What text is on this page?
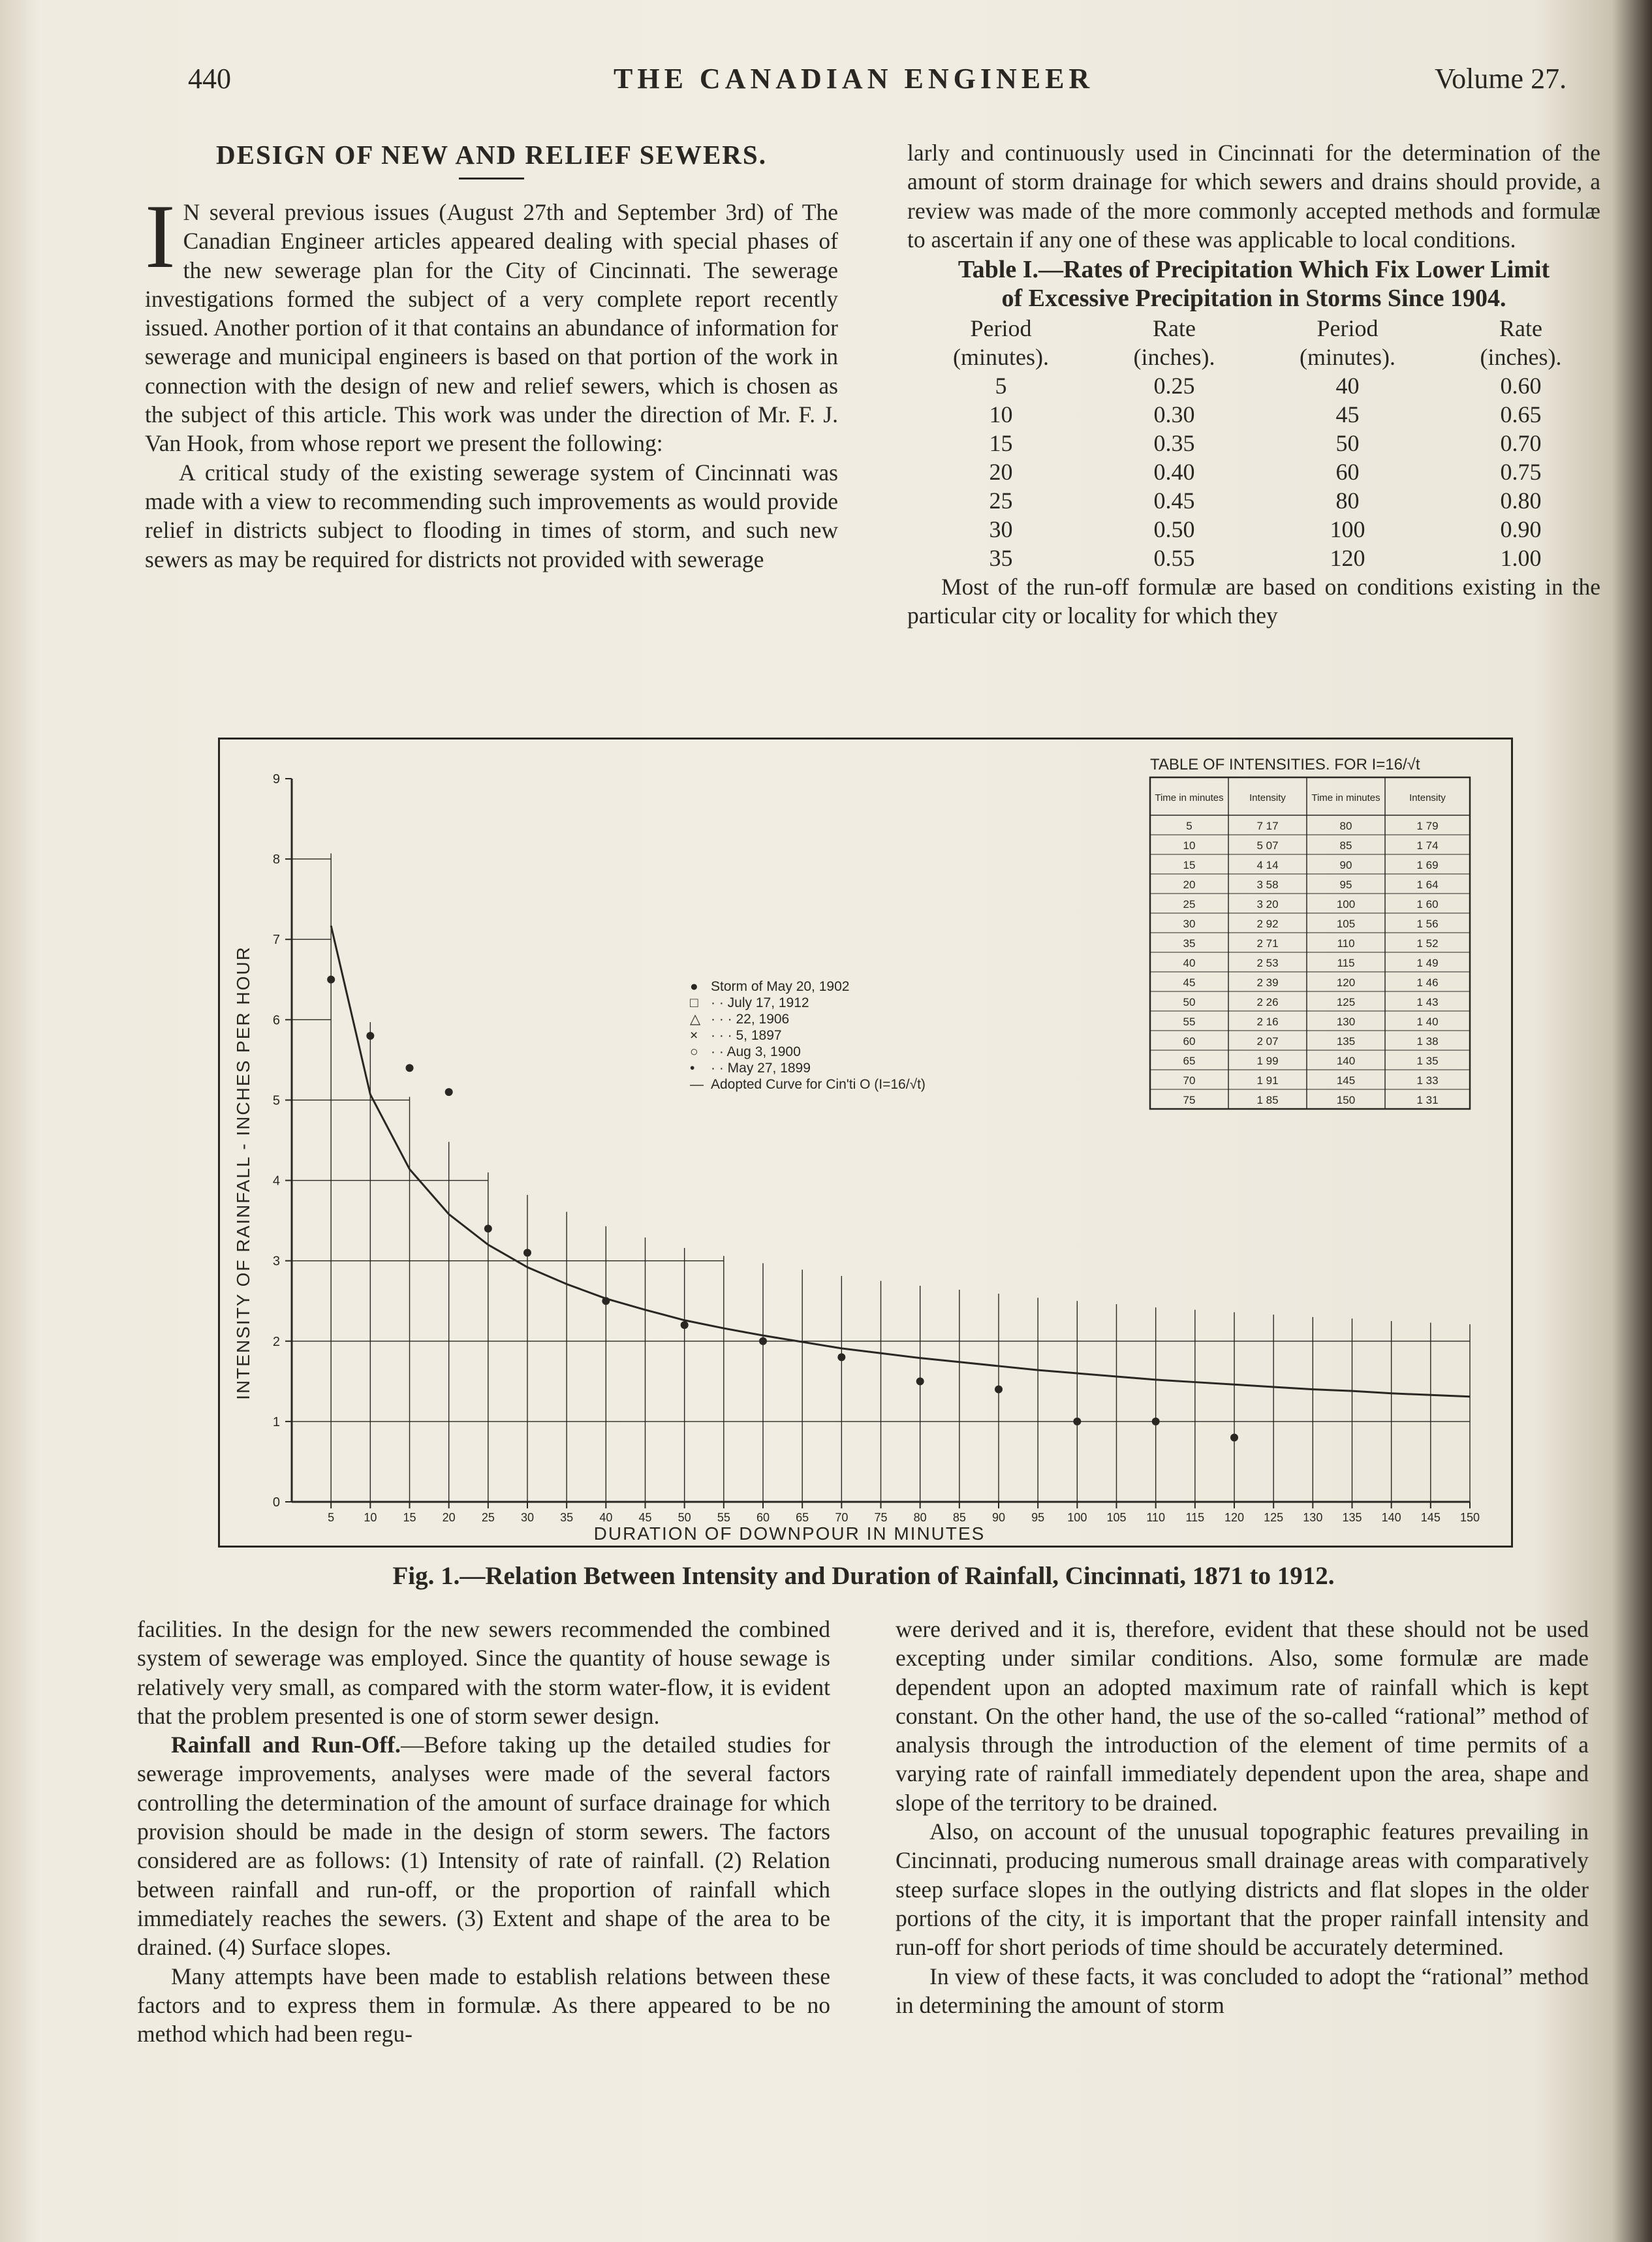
440	THE CANADIAN ENGINEER	Volume 27.
DESIGN OF NEW AND RELIEF SEWERS.

I N several previous issues (August 27th and September 3rd) of The Canadian Engineer articles appeared dealing with special phases of the new sewerage plan for the City of Cincinnati. The sewerage investigations formed the subject of a very complete report recently issued. Another portion of it that contains an abundance of information for sewerage and municipal engineers is based on that portion of the work in connection with the design of new and relief sewers, which is chosen as the subject of this article. This work was under the direction of Mr. F. J. Van Hook, from whose report we present the following:

A critical study of the existing sewerage system of Cincinnati was made with a view to recommending such improvements as would provide relief in districts subject to flooding in times of storm, and such new sewers as may be required for districts not provided with sewerage

larly and continuously used in Cincinnati for the determination of the amount of storm drainage for which sewers and drains should provide, a review was made of the more commonly accepted methods and formulæ to ascertain if any one of these was applicable to local conditions.

Table I.—Rates of Precipitation Which Fix Lower Limit
of Excessive Precipitation in Storms Since 1904.
Period	Rate	Period	Rate
(minutes).	(inches).	(minutes).	(inches).
5	0.25	40	0.60
10	0.30	45	0.65
15	0.35	50	0.70
20	0.40	60	0.75
25	0.45	80	0.80
30	0.50	100	0.90
35	0.55	120	1.00

Most of the run-off formulæ are based on conditions existing in the particular city or locality for which they

0
1
2
3
4
5
6
7
8
9
5	10 15 20 25 30 35 40 45 50 55 60 65 70 75 80 85 90 95 100 105 110 115 120 125 130 135 140 145 150
DURATION OF DOWNPOUR IN MINUTES
INTENSITY OF RAINFALL - INCHES PER HOUR	● Storm of May 20, 1902
□ · · July 17, 1912
△ · · · 22, 1906
× · · · 5, 1897
○ · · Aug 3, 1900
• · · May 27, 1899
— Adopted Curve for Cin'ti O (I=16/√t)
TABLE OF INTENSITIES. FOR I=16/√t
Time in minutes	Intensity	Time in minutes	Intensity
5	7 17	80	1 79
10	5 07	85	1 74
15	4 14	90	1 69
20	3 58	95	1 64
25	3 20	100	1 60
30	2 92	105	1 56
35	2 71	110	1 52
40	2 53	115	1 49
45	2 39	120	1 46
50	2 26	125	1 43
55	2 16	130	1 40
60	2 07	135	1 38
65	1 99	140	1 35
70	1 91	145	1 33
75	1 85	150	1 31
Fig. 1.—Relation Between Intensity and Duration of Rainfall, Cincinnati, 1871 to 1912.

facilities. In the design for the new sewers recommended the combined system of sewerage was employed. Since the quantity of house sewage is relatively very small, as compared with the storm water-flow, it is evident that the problem presented is one of storm sewer design.

Rainfall and Run-Off.—Before taking up the detailed studies for sewerage improvements, analyses were made of the several factors controlling the determination of the amount of surface drainage for which provision should be made in the design of storm sewers. The factors considered are as follows: (1) Intensity of rate of rainfall. (2) Relation between rainfall and run-off, or the proportion of rainfall which immediately reaches the sewers. (3) Extent and shape of the area to be drained. (4) Surface slopes.

Many attempts have been made to establish relations between these factors and to express them in formulæ. As there appeared to be no method which had been regu-

were derived and it is, therefore, evident that these should not be used excepting under similar conditions. Also, some formulæ are made dependent upon an adopted maximum rate of rainfall which is kept constant. On the other hand, the use of the so-called “rational” method of analysis through the introduction of the element of time permits of a varying rate of rainfall immediately dependent upon the area, shape and slope of the territory to be drained.

Also, on account of the unusual topographic features prevailing in Cincinnati, producing numerous small drainage areas with comparatively steep surface slopes in the outlying districts and flat slopes in the older portions of the city, it is important that the proper rainfall intensity and run-off for short periods of time should be accurately determined.

In view of these facts, it was concluded to adopt the “rational” method in determining the amount of storm
